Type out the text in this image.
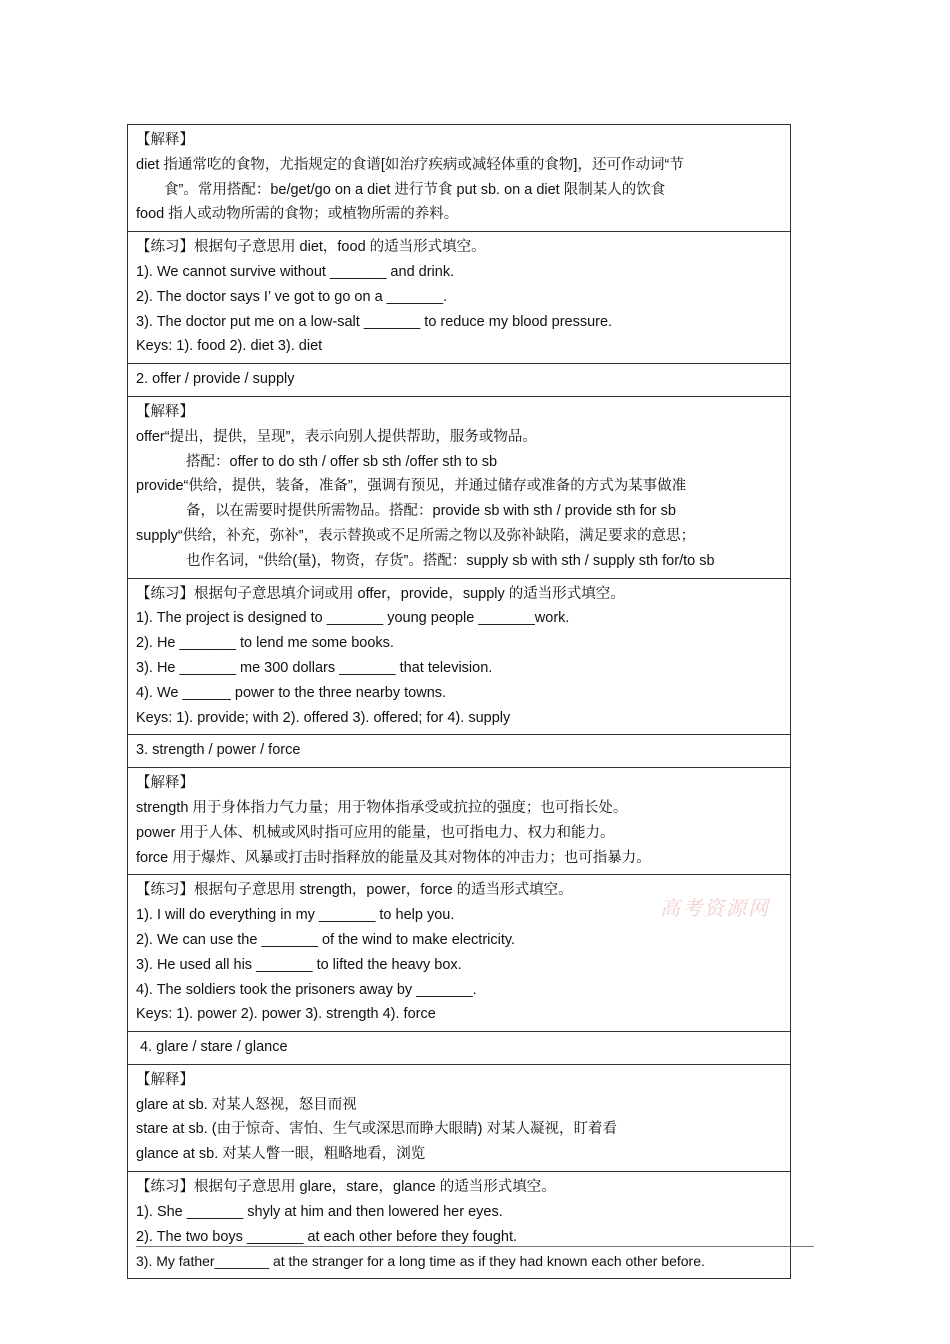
【解释】
diet 指通常吃的食物，尤指规定的食谱[如治疗疾病或减轻体重的食物]，还可作动词“节
食”。常用搭配：be/get/go on a diet 进行节食 put sb. on a diet 限制某人的饮食
food 指人或动物所需的食物；或植物所需的养料。

【练习】根据句子意思用 diet，food 的适当形式填空。
1). We cannot survive without _______ and drink.
2). The doctor says I’ ve got to go on a _______.
3). The doctor put me on a low-salt _______ to reduce my blood pressure.
Keys: 1). food 2). diet 3). diet

2. offer / provide / supply

【解释】
offer“提出，提供，呈现”，表示向别人提供帮助，服务或物品。
搭配：offer to do sth / offer sb sth /offer sth to sb
provide“供给，提供，装备，准备”，强调有预见，并通过储存或准备的方式为某事做准
备，以在需要时提供所需物品。搭配：provide sb with sth / provide sth for sb
supply“供给，补充，弥补”，表示替换或不足所需之物以及弥补缺陷，满足要求的意思；
也作名词，“供给(量)，物资，存货”。搭配：supply sb with sth / supply sth for/to sb

【练习】根据句子意思填介词或用 offer，provide，supply 的适当形式填空。
1). The project is designed to _______ young people _______work.
2). He _______ to lend me some books.
3). He _______ me 300 dollars _______ that television.
4). We ______ power to the three nearby towns.
Keys: 1). provide; with 2). offered 3). offered; for 4). supply

3. strength / power / force

【解释】
strength 用于身体指力气力量；用于物体指承受或抗拉的强度；也可指长处。
power 用于人体、机械或风时指可应用的能量，也可指电力、权力和能力。
force 用于爆炸、风暴或打击时指释放的能量及其对物体的冲击力；也可指暴力。

【练习】根据句子意思用 strength，power，force 的适当形式填空。
1). I will do everything in my _______ to help you.
2). We can use the _______ of the wind to make electricity.
3). He used all his _______ to lifted the heavy box.
4). The soldiers took the prisoners away by _______.
Keys: 1). power 2). power 3). strength 4). force

4. glare / stare / glance

【解释】
glare at sb. 对某人怒视，怒目而视
stare at sb. (由于惊奇、害怕、生气或深思而睁大眼睛) 对某人凝视，盯着看
glance at sb. 对某人瞥一眼，粗略地看，浏览

【练习】根据句子意思用 glare，stare，glance 的适当形式填空。
1). She _______ shyly at him and then lowered her eyes.
2). The two boys _______ at each other before they fought.
3). My father_______ at the stranger for a long time as if they had known each other before.
高考资源网
